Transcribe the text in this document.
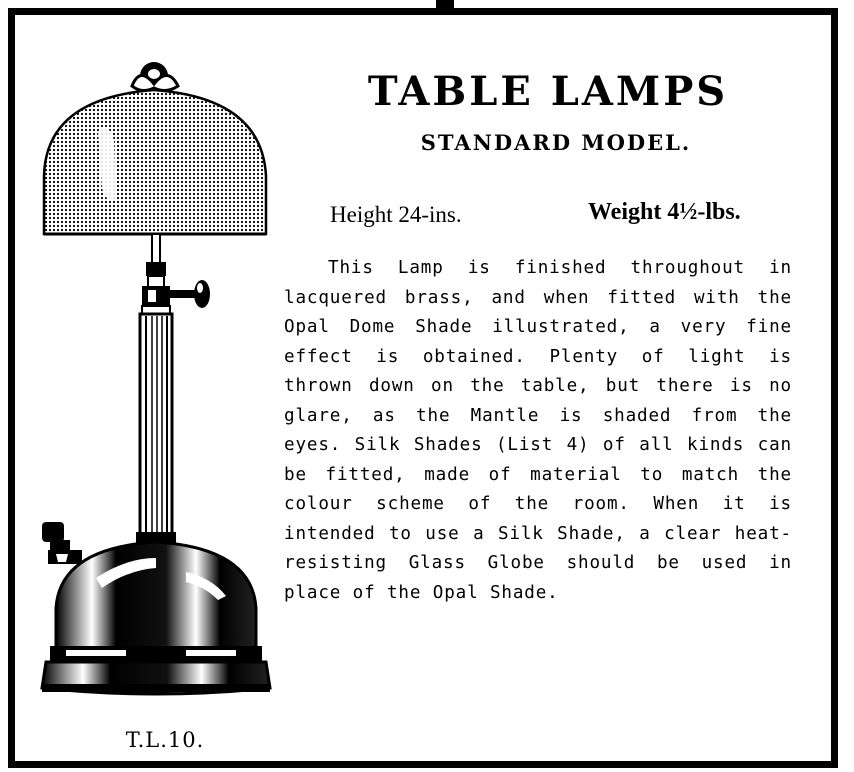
TABLE LAMPS
STANDARD MODEL.
Height 24-ins.	Weight 4½-lbs.

This Lamp is finished throughout in lacquered brass, and when fitted with the Opal Dome Shade illustrated, a very fine effect is obtained. Plenty of light is thrown down on the table, but there is no glare, as the Mantle is shaded from the eyes. Silk Shades (List 4) of all kinds can be fitted, made of material to match the colour scheme of the room. When it is intended to use a Silk Shade, a clear heat-resisting Glass Globe should be used in place of the Opal Shade.

T.L.10.
